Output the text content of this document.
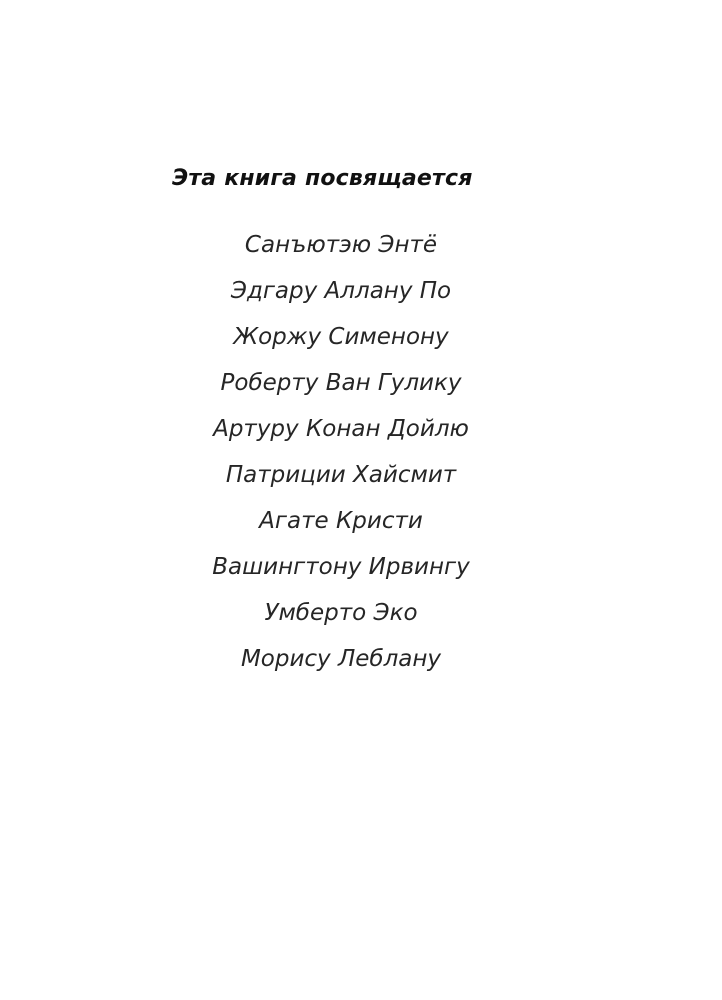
Эта книга посвящается
Санъютэю Энтё
Эдгару Аллану По
Жоржу Сименону
Роберту Ван Гулику
Артуру Конан Дойлю
Патриции Хайсмит
Агате Кристи
Вашингтону Ирвингу
Умберто Эко
Морису Леблану
